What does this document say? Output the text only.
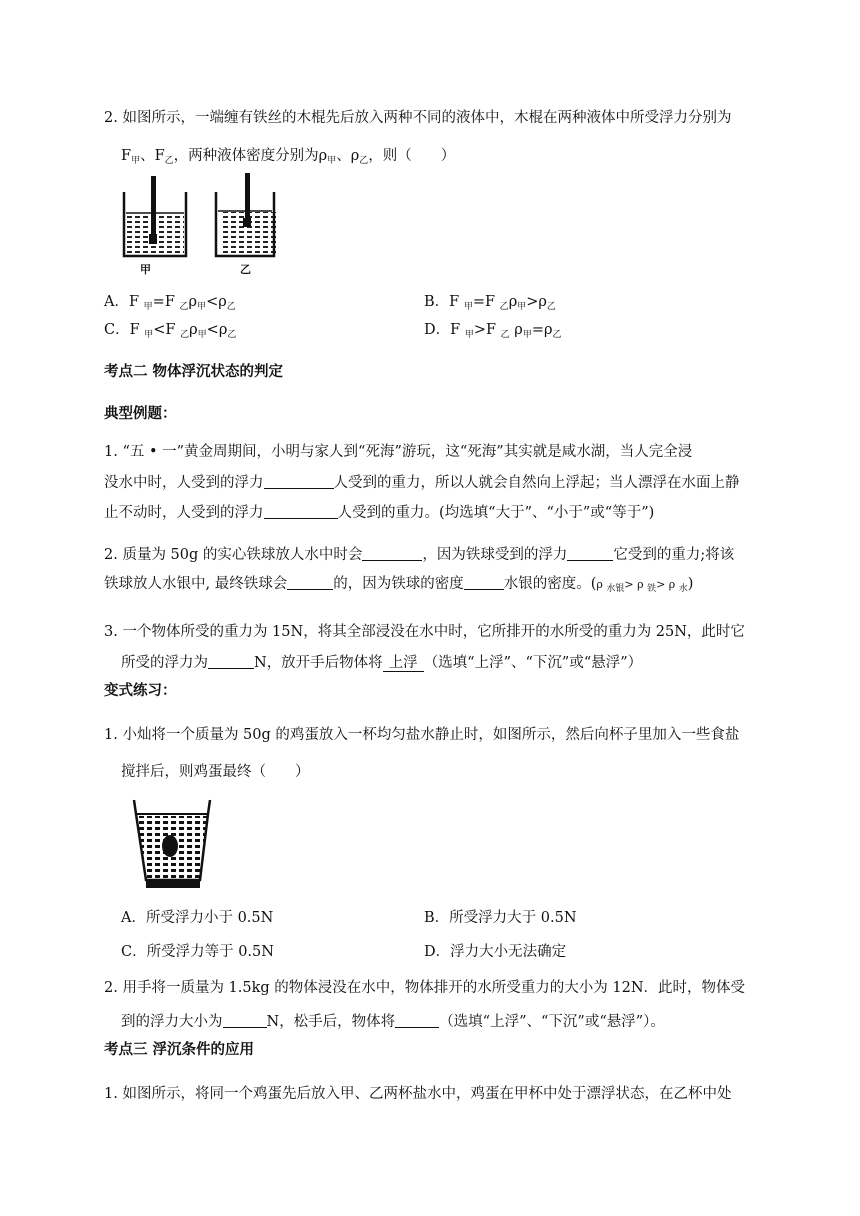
2. 如图所示，一端缠有铁丝的木棍先后放入两种不同的液体中，木棍在两种液体中所受浮力分别为
$F_甲$、$F_乙$，两种液体密度分别为$\rho_甲$、$\rho_乙$，则（　　）
甲	乙
A．F $_甲$=F $_乙\rho_甲<\rho_乙$	B．F $_甲$=F $_乙\rho_甲>\rho_乙$
C．F $_甲$<F $_乙\rho_甲<\rho_乙$	D．F $_甲$>F $_乙$ $\rho_甲=\rho_乙$
考点二 物体浮沉状态的判定
典型例题：
1. “五 • 一”黄金周期间，小明与家人到“死海”游玩，这“死海”其实就是咸水湖，当人完全浸
没水中时，人受到的浮力	人受到的重力，所以人就会自然向上浮起；当人漂浮在水面上静
止不动时，人受到的浮力	人受到的重力。(均选填“大于”、“小于”或“等于”)
2. 质量为 50g 的实心铁球放人水中时会	，因为铁球受到的浮力	它受到的重力;将该
铁球放人水银中, 最终铁球会	的，因为铁球的密度	水银的密度。(ρ $_{水银}$> ρ $_铁$> ρ $_水$)
3. 一个物体所受的重力为 15N，将其全部浸没在水中时，它所排开的水所受的重力为 25N，此时它
所受的浮力为	N，放开手后物体将 上浮 （选填“上浮”、“下沉”或“悬浮”）
变式练习：
1. 小灿将一个质量为 50g 的鸡蛋放入一杯均匀盐水静止时，如图所示，然后向杯子里加入一些食盐
搅拌后，则鸡蛋最终（　　）
A．所受浮力小于 0.5N	B．所受浮力大于 0.5N
C．所受浮力等于 0.5N	D．浮力大小无法确定
2. 用手将一质量为 1.5kg 的物体浸没在水中，物体排开的水所受重力的大小为 12N．此时，物体受
到的浮力大小为	N，松手后，物体将	（选填“上浮”、“下沉”或“悬浮”）。
考点三 浮沉条件的应用
1. 如图所示，将同一个鸡蛋先后放入甲、乙两杯盐水中，鸡蛋在甲杯中处于漂浮状态，在乙杯中处
